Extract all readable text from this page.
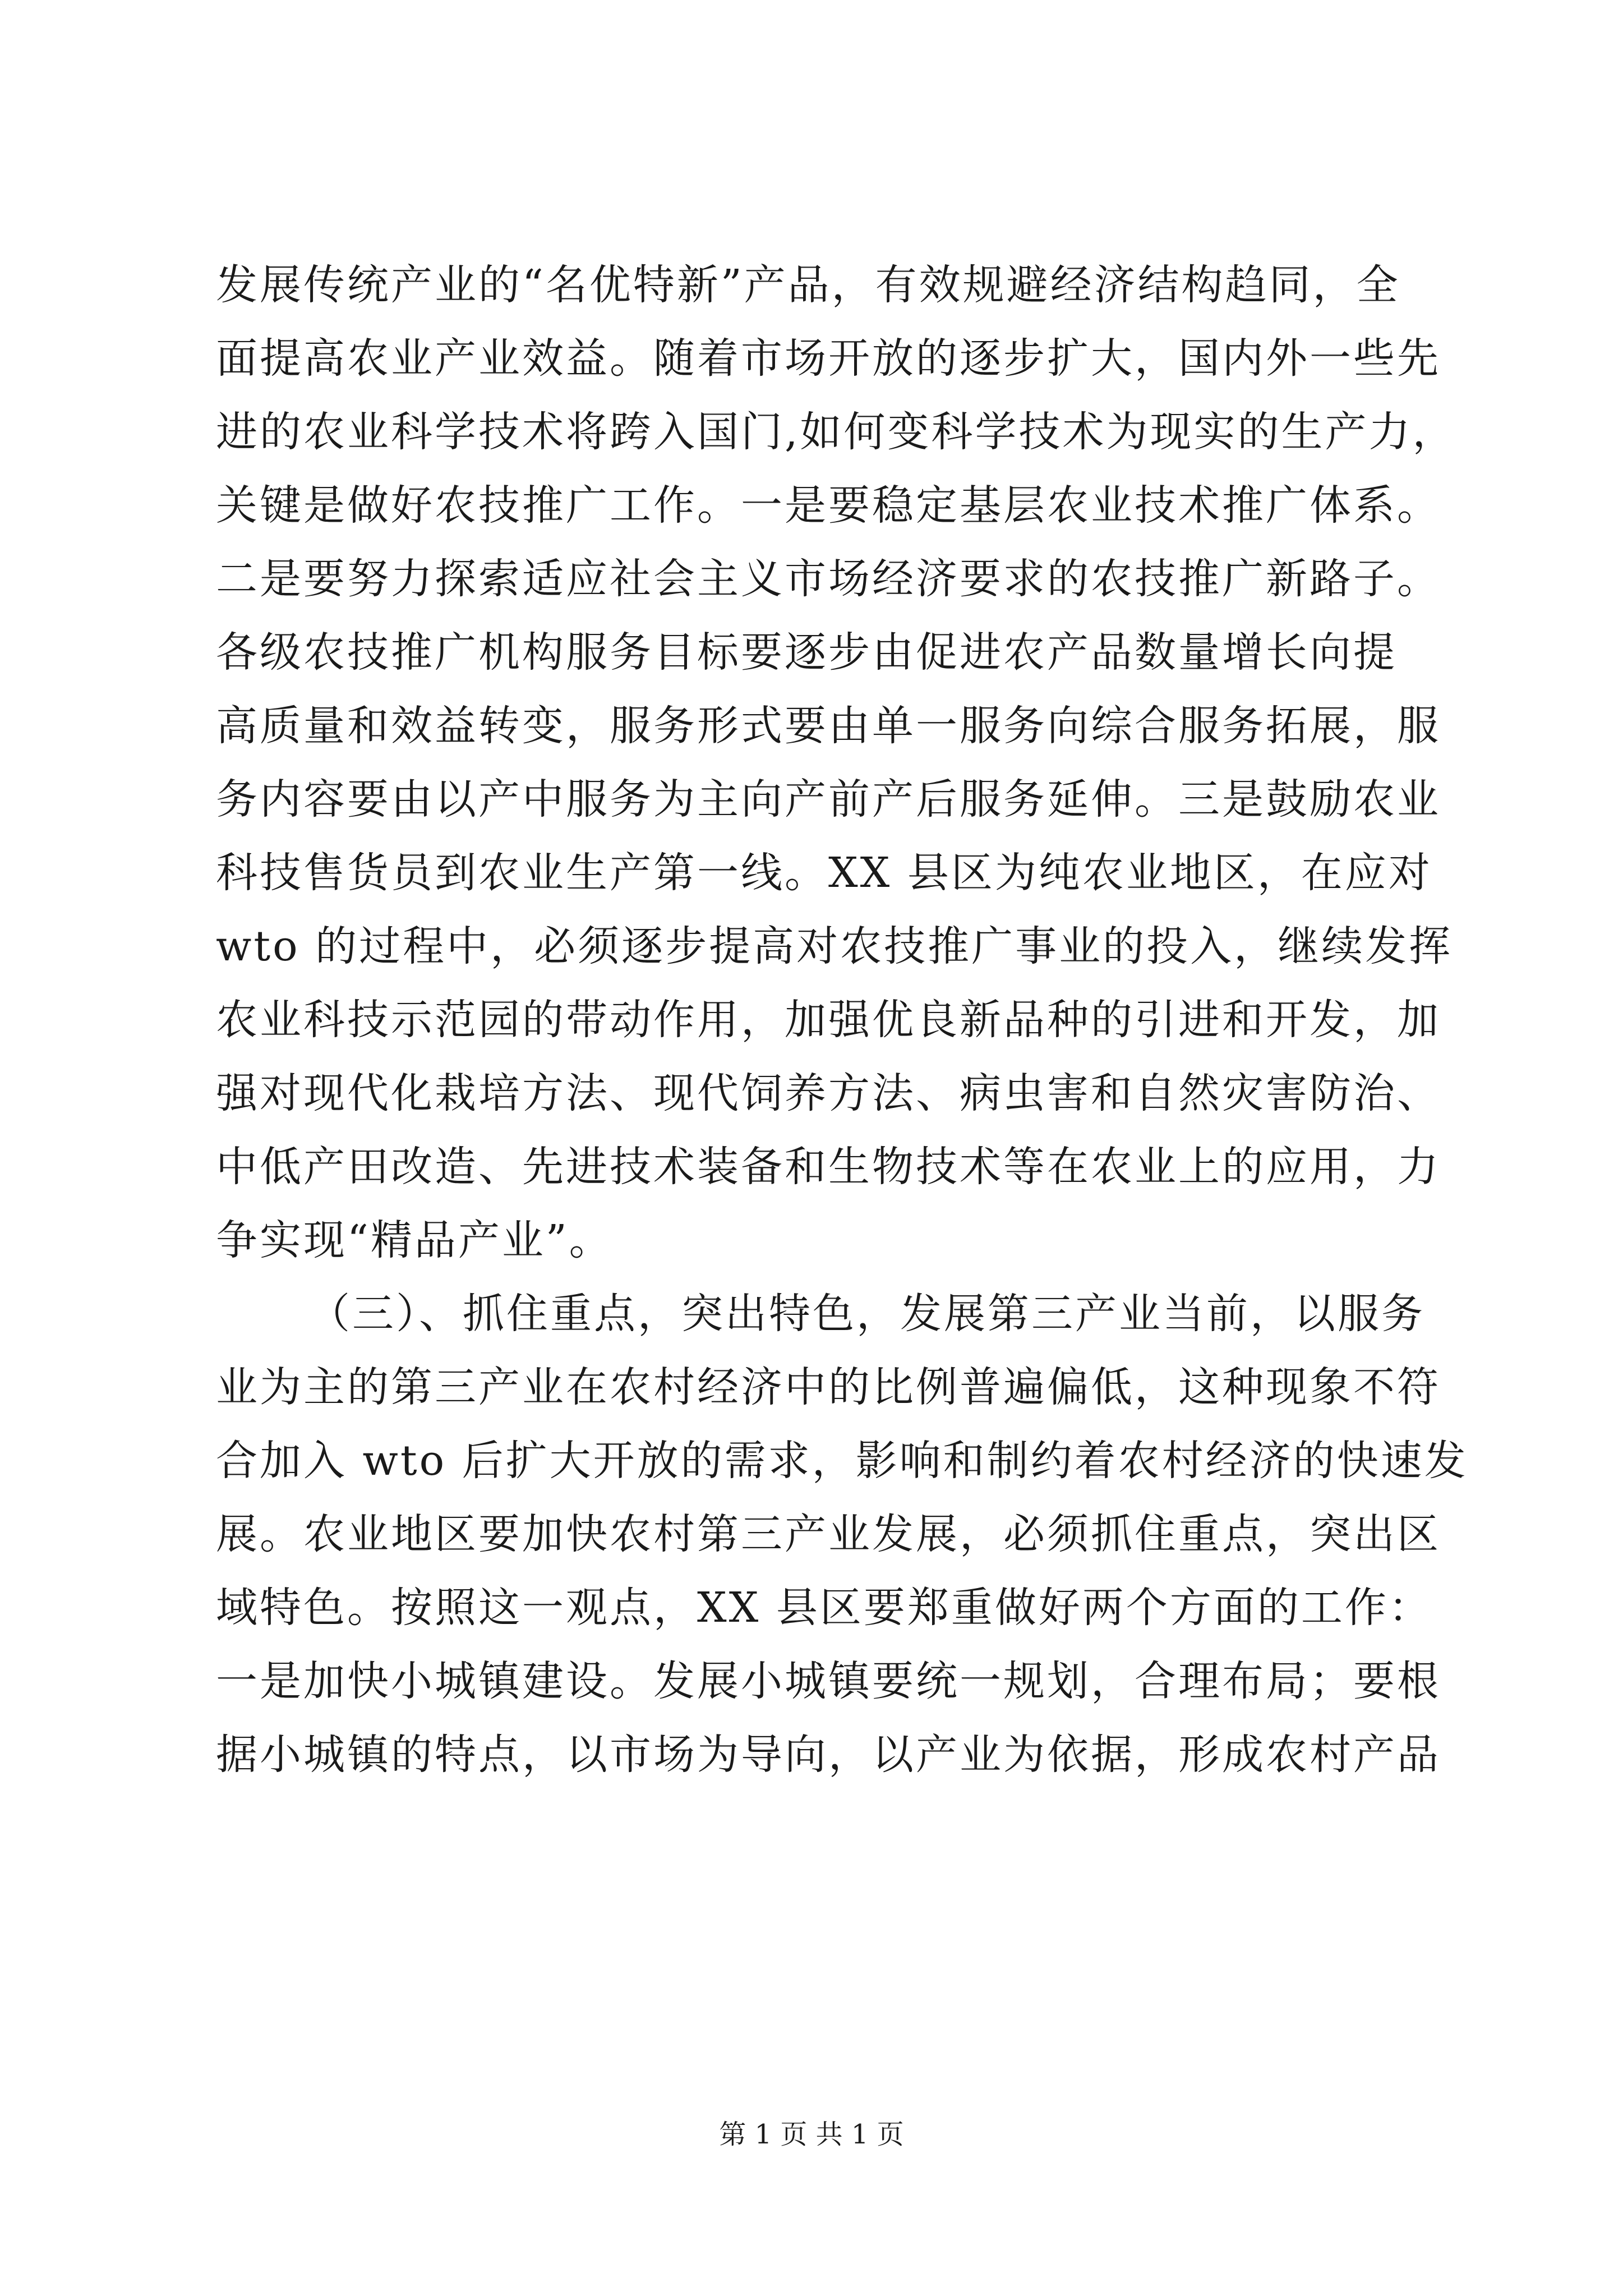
发展传统产业的“名优特新”产品，有效规避经济结构趋同，全
面提高农业产业效益。随着市场开放的逐步扩大，国内外一些先
进的农业科学技术将跨入国门,如何变科学技术为现实的生产力，
关键是做好农技推广工作。一是要稳定基层农业技术推广体系。
二是要努力探索适应社会主义市场经济要求的农技推广新路子。
各级农技推广机构服务目标要逐步由促进农产品数量增长向提
高质量和效益转变，服务形式要由单一服务向综合服务拓展，服
务内容要由以产中服务为主向产前产后服务延伸。三是鼓励农业
科技售货员到农业生产第一线。XX 县区为纯农业地区，在应对
wto 的过程中，必须逐步提高对农技推广事业的投入，继续发挥
农业科技示范园的带动作用，加强优良新品种的引进和开发，加
强对现代化栽培方法、现代饲养方法、病虫害和自然灾害防治、
中低产田改造、先进技术装备和生物技术等在农业上的应用，力
争实现“精品产业”。
（三）、抓住重点，突出特色，发展第三产业当前，以服务
业为主的第三产业在农村经济中的比例普遍偏低，这种现象不符
合加入 wto 后扩大开放的需求，影响和制约着农村经济的快速发
展。农业地区要加快农村第三产业发展，必须抓住重点，突出区
域特色。按照这一观点，XX 县区要郑重做好两个方面的工作：
一是加快小城镇建设。发展小城镇要统一规划，合理布局；要根
据小城镇的特点，以市场为导向，以产业为依据，形成农村产品
第 1 页 共 1 页
